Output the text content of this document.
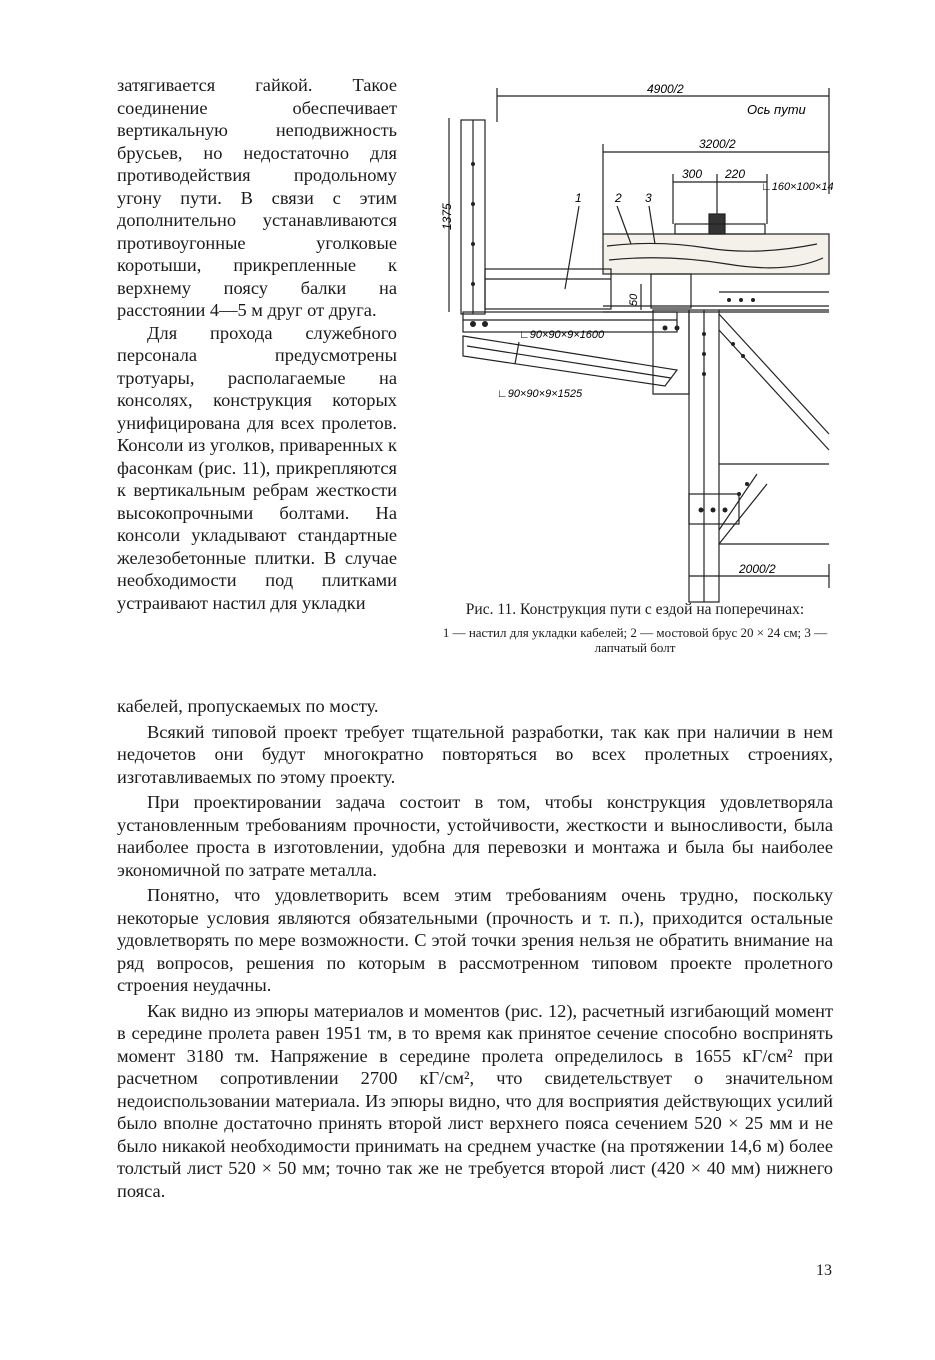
затягивается гайкой. Такое соединение обеспечивает вертикальную неподвижность брусьев, но недостаточно для противодействия продольному угону пути. В связи с этим дополнительно устанавливаются противоугонные уголковые коротыши, прикрепленные к верхнему поясу балки на расстоянии 4—5 м друг от друга.

Для прохода служебного персонала предусмотрены тротуары, располагаемые на консолях, конструкция которых унифицирована для всех пролетов. Консоли из уголков, приваренных к фасонкам (рис. 11), прикрепляются к вертикальным ребрам жесткости высокопрочными болтами. На консоли укладывают стандартные железобетонные плитки. В случае необходимости под плитками устраивают настил для укладки

4900/2
Ось пути
3200/2
300 220
∟160×100×14
1375
1	2 3
50
∟90×90×9×1600
∟90×90×9×1525
2000/2
Рис. 11. Конструкция пути с ездой на поперечинах:
1 — настил для укладки кабелей; 2 — мостовой брус 20 × 24 см; 3 — лапчатый болт

кабелей, пропускаемых по мосту.

Всякий типовой проект требует тщательной разработки, так как при наличии в нем недочетов они будут многократно повторяться во всех пролетных строениях, изготавливаемых по этому проекту.

При проектировании задача состоит в том, чтобы конструкция удовлетворяла установленным требованиям прочности, устойчивости, жесткости и выносливости, была наиболее проста в изготовлении, удобна для перевозки и монтажа и была бы наиболее экономичной по затрате металла.

Понятно, что удовлетворить всем этим требованиям очень трудно, поскольку некоторые условия являются обязательными (прочность и т. п.), приходится остальные удовлетворять по мере возможности. С этой точки зрения нельзя не обратить внимание на ряд вопросов, решения по которым в рассмотренном типовом проекте пролетного строения неудачны.

Как видно из эпюры материалов и моментов (рис. 12), расчетный изгибающий момент в середине пролета равен 1951 тм, в то время как принятое сечение способно воспринять момент 3180 тм. Напряжение в середине пролета определилось в 1655 кГ/см² при расчетном сопротивлении 2700 кГ/см², что свидетельствует о значительном недоиспользовании материала. Из эпюры видно, что для восприятия действующих усилий было вполне достаточно принять второй лист верхнего пояса сечением 520 × 25 мм и не было никакой необходимости принимать на среднем участке (на протяжении 14,6 м) более толстый лист 520 × 50 мм; точно так же не требуется второй лист (420 × 40 мм) нижнего пояса.

13
